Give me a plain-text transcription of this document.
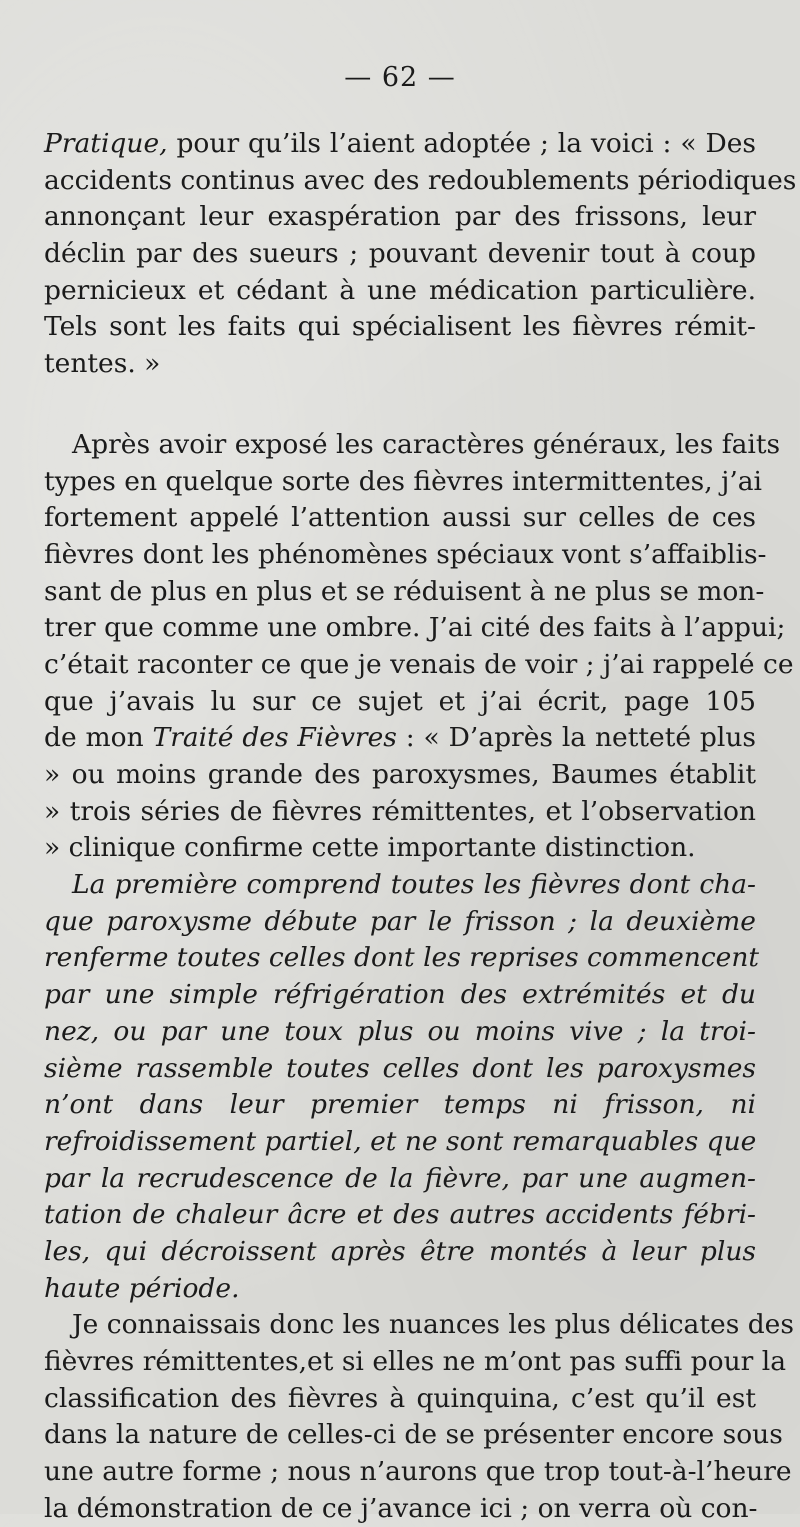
— 62 —
Pratique, pour qu’ils l’aient adoptée ; la voici : « Des
accidents continus avec des redoublements périodiques
annonçant leur exaspération par des frissons, leur
déclin par des sueurs ; pouvant devenir tout à coup
pernicieux et cédant à une médication particulière.
Tels sont les faits qui spécialisent les fièvres rémit-
tentes. »
Après avoir exposé les caractères généraux, les faits
types en quelque sorte des fièvres intermittentes, j’ai
fortement appelé l’attention aussi sur celles de ces
fièvres dont les phénomènes spéciaux vont s’affaiblis-
sant de plus en plus et se réduisent à ne plus se mon-
trer que comme une ombre. J’ai cité des faits à l’appui;
c’était raconter ce que je venais de voir ; j’ai rappelé ce
que j’avais lu sur ce sujet et j’ai écrit, page 105
de mon Traité des Fièvres : « D’après la netteté plus
» ou moins grande des paroxysmes, Baumes établit
» trois séries de fièvres rémittentes, et l’observation
» clinique confirme cette importante distinction.
La première comprend toutes les fièvres dont cha-
que paroxysme débute par le frisson ; la deuxième
renferme toutes celles dont les reprises commencent
par une simple réfrigération des extrémités et du
nez, ou par une toux plus ou moins vive ; la troi-
sième rassemble toutes celles dont les paroxysmes
n’ont dans leur premier temps ni frisson, ni
refroidissement partiel, et ne sont remarquables que
par la recrudescence de la fièvre, par une augmen-
tation de chaleur âcre et des autres accidents fébri-
les, qui décroissent après être montés à leur plus
haute période.
Je connaissais donc les nuances les plus délicates des
fièvres rémittentes,et si elles ne m’ont pas suffi pour la
classification des fièvres à quinquina, c’est qu’il est
dans la nature de celles-ci de se présenter encore sous
une autre forme ; nous n’aurons que trop tout-à-l’heure
la démonstration de ce j’avance ici ; on verra où con-
